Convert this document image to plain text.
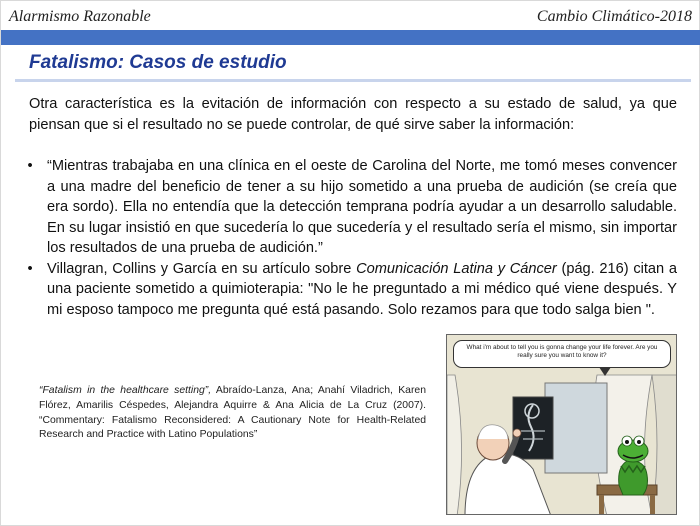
Alarmismo Razonable	Cambio Climático-2018
Fatalismo: Casos de estudio

Otra característica es la evitación de información con respecto a su estado de salud, ya que piensan que si el resultado no se puede controlar, de qué sirve saber la información:

• “Mientras trabajaba en una clínica en el oeste de Carolina del Norte, me tomó meses convencer a una madre del beneficio de tener a su hijo sometido a una prueba de audición (se creía que era sordo). Ella no entendía que la detección temprana podría ayudar a un desarrollo saludable. En su lugar insistió en que sucedería lo que sucedería y el resultado sería el mismo, sin importar los resultados de una prueba de audición.”
• Villagran, Collins y García en su artículo sobre Comunicación Latina y Cáncer (pág. 216) citan a una paciente sometido a quimioterapia: "No le he preguntado a mi médico qué viene después. Y mi esposo tampoco me pregunta qué está pasando. Solo rezamos para que todo salga bien ".

“Fatalism in the healthcare setting”, Abraído-Lanza, Ana; Anahí Viladrich, Karen Flórez, Amarilis Céspedes, Alejandra Aquirre & Ana Alicia de La Cruz (2007). “Commentary: Fatalismo Reconsidered: A Cautionary Note for Health-Related Research and Practice with Latino Populations”

What i'm about to tell you is gonna change your life forever. Are you really sure you want to know it?
